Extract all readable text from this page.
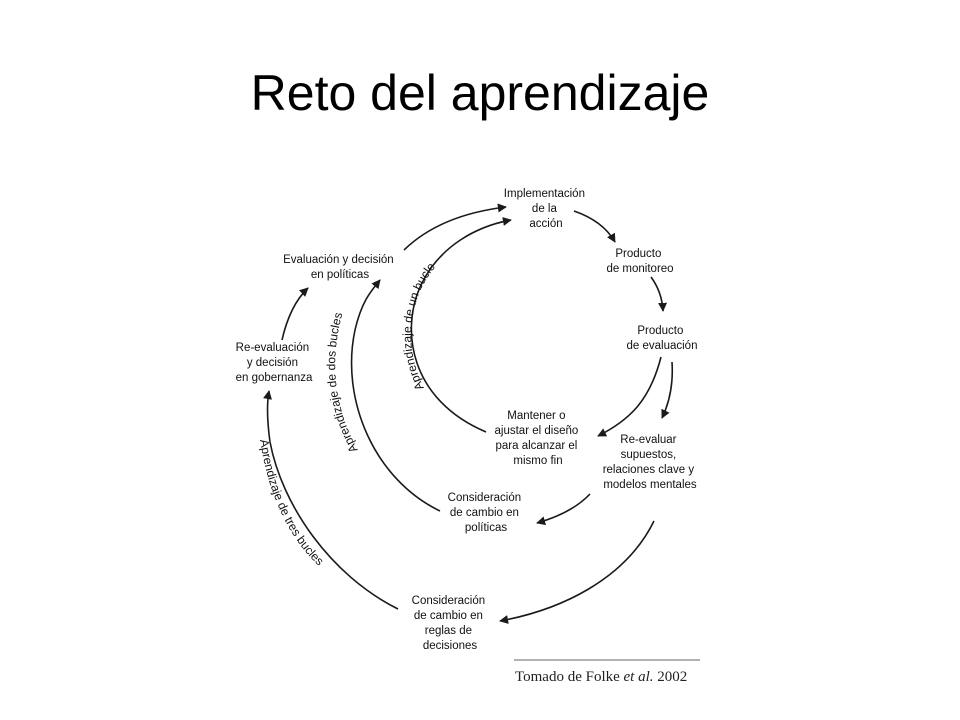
Reto del aprendizaje
Implementación de la acción
Producto de monitoreo
Producto de evaluación
Mantener o ajustar el diseño para alcanzar el mismo fin
Re-evaluar supuestos, relaciones clave y modelos mentales
Consideración de cambio en políticas
Consideración de cambio en reglas de decisiones
Re-evaluación y decisión en gobernanza
Evaluación y decisión en políticas
Aprendizaje de un bucle
Aprendizaje de dos bucles
Aprendizaje de tres bucles
Tomado de Folke et al. 2002
